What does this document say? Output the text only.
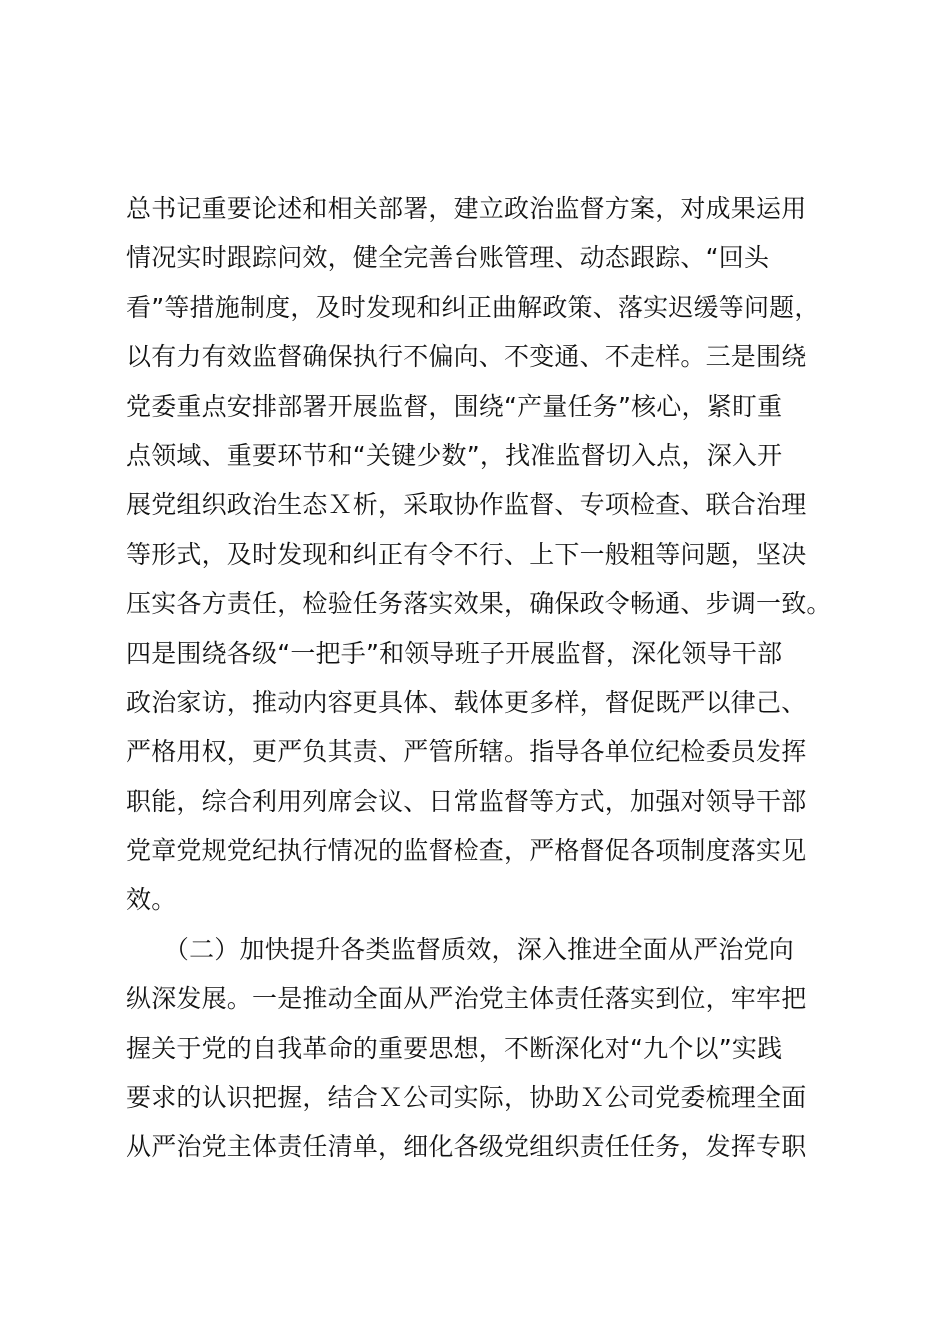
总书记重要论述和相关部署，建立政治监督方案，对成果运用
情况实时跟踪问效，健全完善台账管理、动态跟踪、“回头
看”等措施制度，及时发现和纠正曲解政策、落实迟缓等问题，
以有力有效监督确保执行不偏向、不变通、不走样。三是围绕
党委重点安排部署开展监督，围绕“产量任务”核心，紧盯重
点领域、重要环节和“关键少数”，找准监督切入点，深入开
展党组织政治生态Ｘ析，采取协作监督、专项检查、联合治理
等形式，及时发现和纠正有令不行、上下一般粗等问题，坚决
压实各方责任，检验任务落实效果，确保政令畅通、步调一致。
四是围绕各级“一把手”和领导班子开展监督，深化领导干部
政治家访，推动内容更具体、载体更多样，督促既严以律己、
严格用权，更严负其责、严管所辖。指导各单位纪检委员发挥
职能，综合利用列席会议、日常监督等方式，加强对领导干部
党章党规党纪执行情况的监督检查，严格督促各项制度落实见
效。
　　（二）加快提升各类监督质效，深入推进全面从严治党向
纵深发展。一是推动全面从严治党主体责任落实到位，牢牢把
握关于党的自我革命的重要思想，不断深化对“九个以”实践
要求的认识把握，结合Ｘ公司实际，协助Ｘ公司党委梳理全面
从严治党主体责任清单，细化各级党组织责任任务，发挥专职
